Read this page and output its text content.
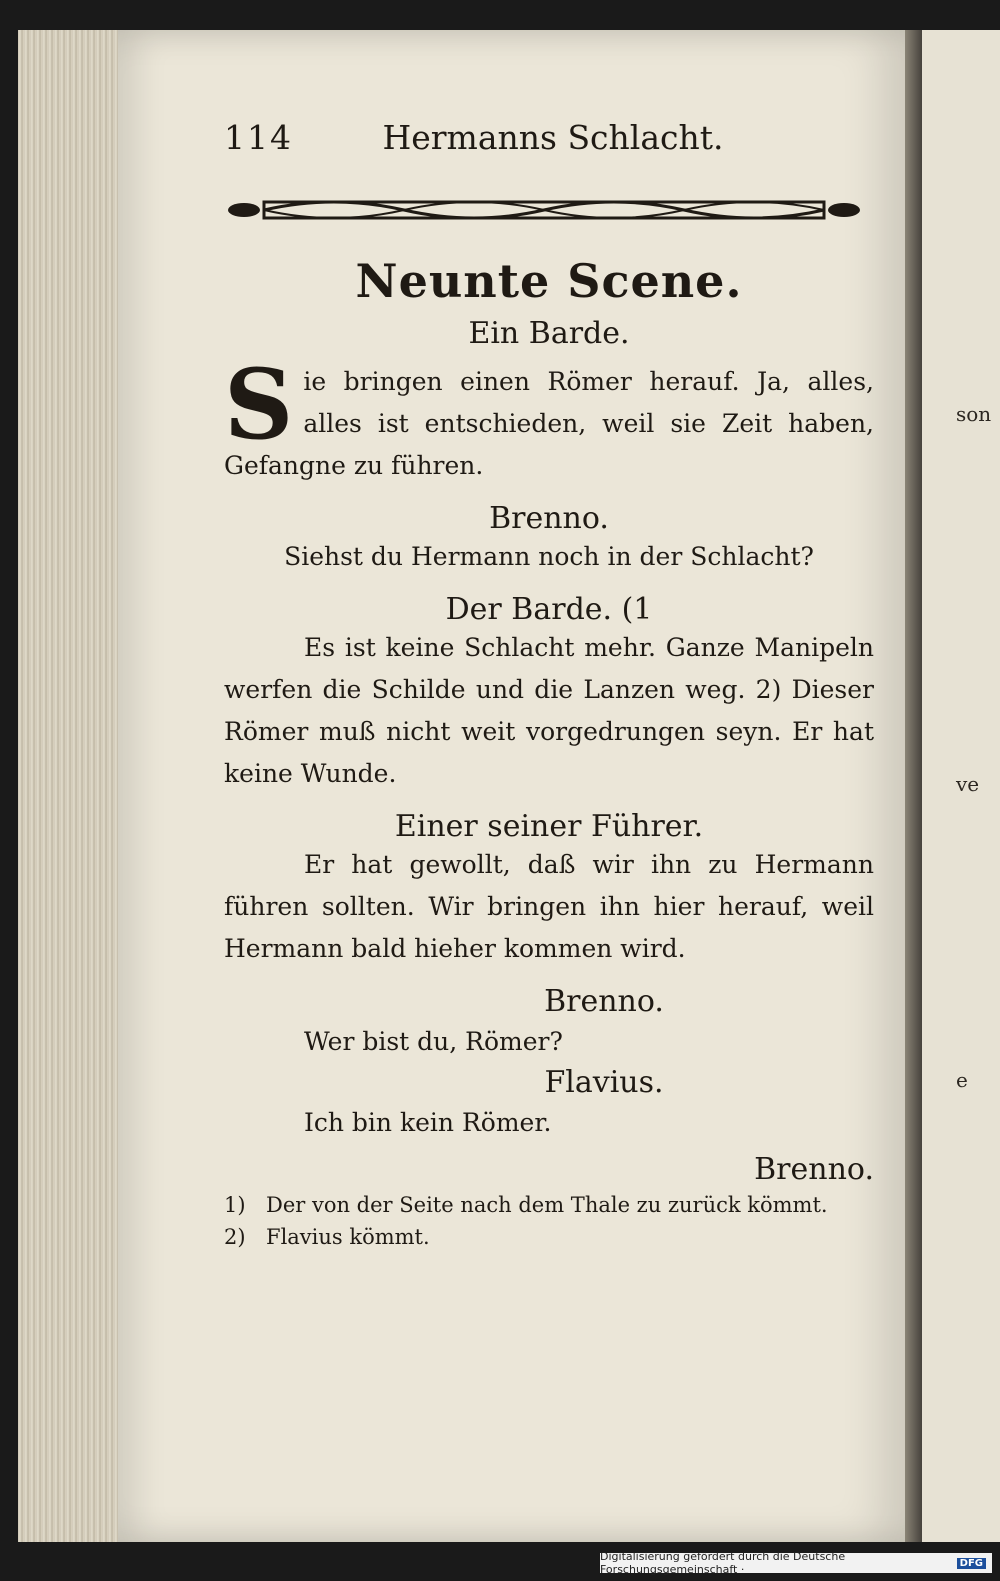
son
ve
e
114	Hermanns Schlacht.
Neunte Scene.
Ein Barde.
Sie bringen einen Römer herauf. Ja, alles, alles ist entschieden, weil sie Zeit haben, Gefangne zu führen.
Brenno.
Siehst du Hermann noch in der Schlacht?
Der Barde. (1
Es ist keine Schlacht mehr. Ganze Manipeln werfen die Schilde und die Lanzen weg. 2) Dieser Römer muß nicht weit vorgedrungen seyn. Er hat keine Wunde.
Einer seiner Führer.
Er hat gewollt, daß wir ihn zu Hermann führen sollten. Wir bringen ihn hier herauf, weil Hermann bald hieher kommen wird.
Brenno.
Wer bist du, Römer?
Flavius.
Ich bin kein Römer.
Brenno.
1) Der von der Seite nach dem Thale zu zurück kömmt.
2) Flavius kömmt.
Digitalisierung gefördert durch die Deutsche Forschungsgemeinschaft ·	DFG
